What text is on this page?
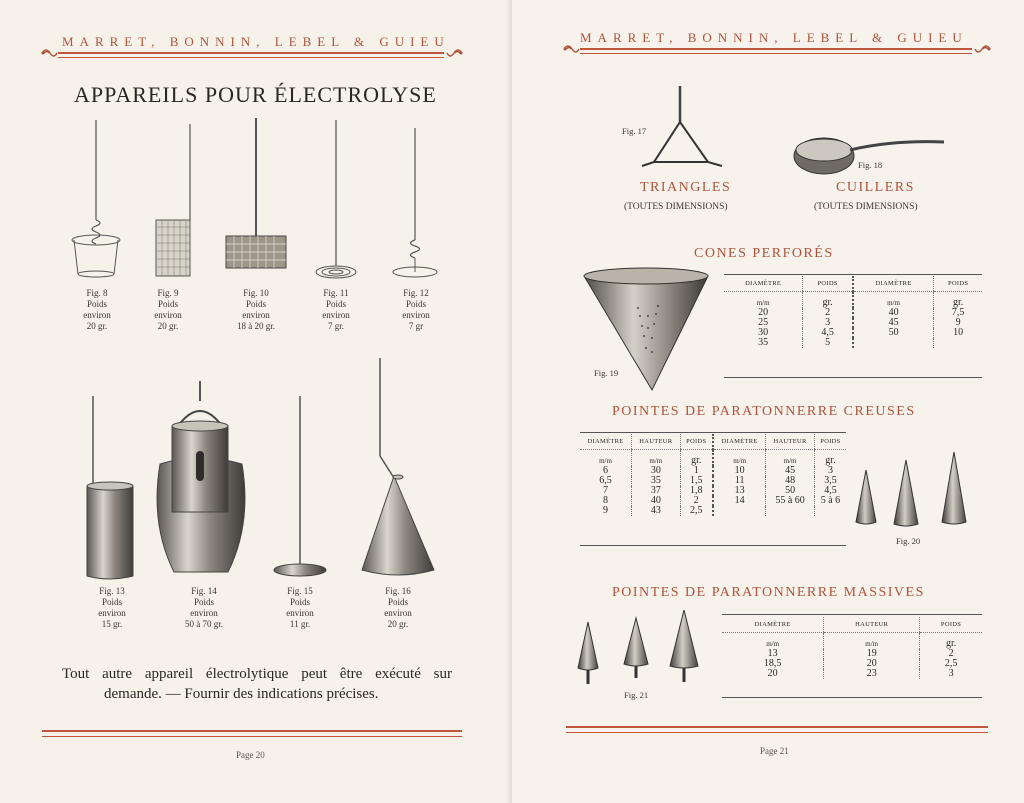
MARRET, BONNIN, LEBEL & GUIEU
APPAREILS POUR ÉLECTROLYSE
Fig. 8
Poids
environ
20 gr.
Fig. 9
Poids
environ
20 gr.
Fig. 10
Poids
environ
18 à 20 gr.
Fig. 11
Poids
environ
7 gr.
Fig. 12
Poids
environ
7 gr
Fig. 13
Poids
environ
15 gr.
Fig. 14
Poids
environ
50 à 70 gr.
Fig. 15
Poids
environ
11 gr.
Fig. 16
Poids
environ
20 gr.
Tout autre appareil électrolytique peut être exécuté sur
demande. — Fournir des indications précises.
Page 20
MARRET, BONNIN, LEBEL & GUIEU
Fig. 17
Fig. 18
TRIANGLES
(TOUTES DIMENSIONS)
CUILLERS
(TOUTES DIMENSIONS)
CONES PERFORÉS
Fig. 19
DIAMÈTRE	POIDS	DIAMÈTRE	POIDS
m/m	gr.	m/m	gr.
20	2	40	7,5
25	3	45	9
30	4,5	50	10
35	5		
POINTES DE PARATONNERRE CREUSES
DIAMÈTRE	HAUTEUR	POIDS	DIAMÈTRE	HAUTEUR	POIDS
m/m	m/m	gr.	m/m	m/m	gr.
6	30	1	10	45	3
6,5	35	1,5	11	48	3,5
7	37	1,8	13	50	4,5
8	40	2	14	55 à 60	5 à 6
9	43	2,5			
Fig. 20
POINTES DE PARATONNERRE MASSIVES
Fig. 21
DIAMÈTRE	HAUTEUR	POIDS
m/m	m/m	gr.
13	19	2
18,5	20	2,5
20	23	3
Page 21
